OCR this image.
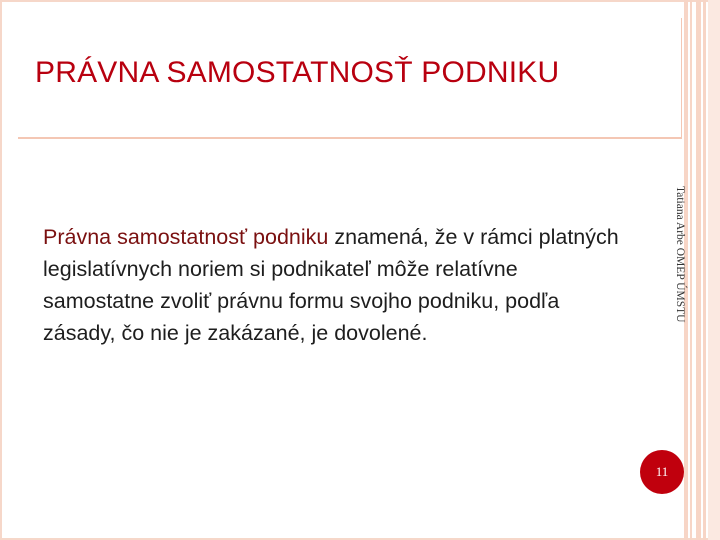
PRÁVNA SAMOSTATNOSŤ PODNIKU
Právna samostatnosť podniku znamená, že v rámci platných legislatívnych noriem si podnikateľ môže relatívne samostatne zvoliť právnu formu svojho podniku, podľa zásady, čo nie je zakázané, je dovolené.
Tatiana Arbe OMEP ÚMSTU
11
